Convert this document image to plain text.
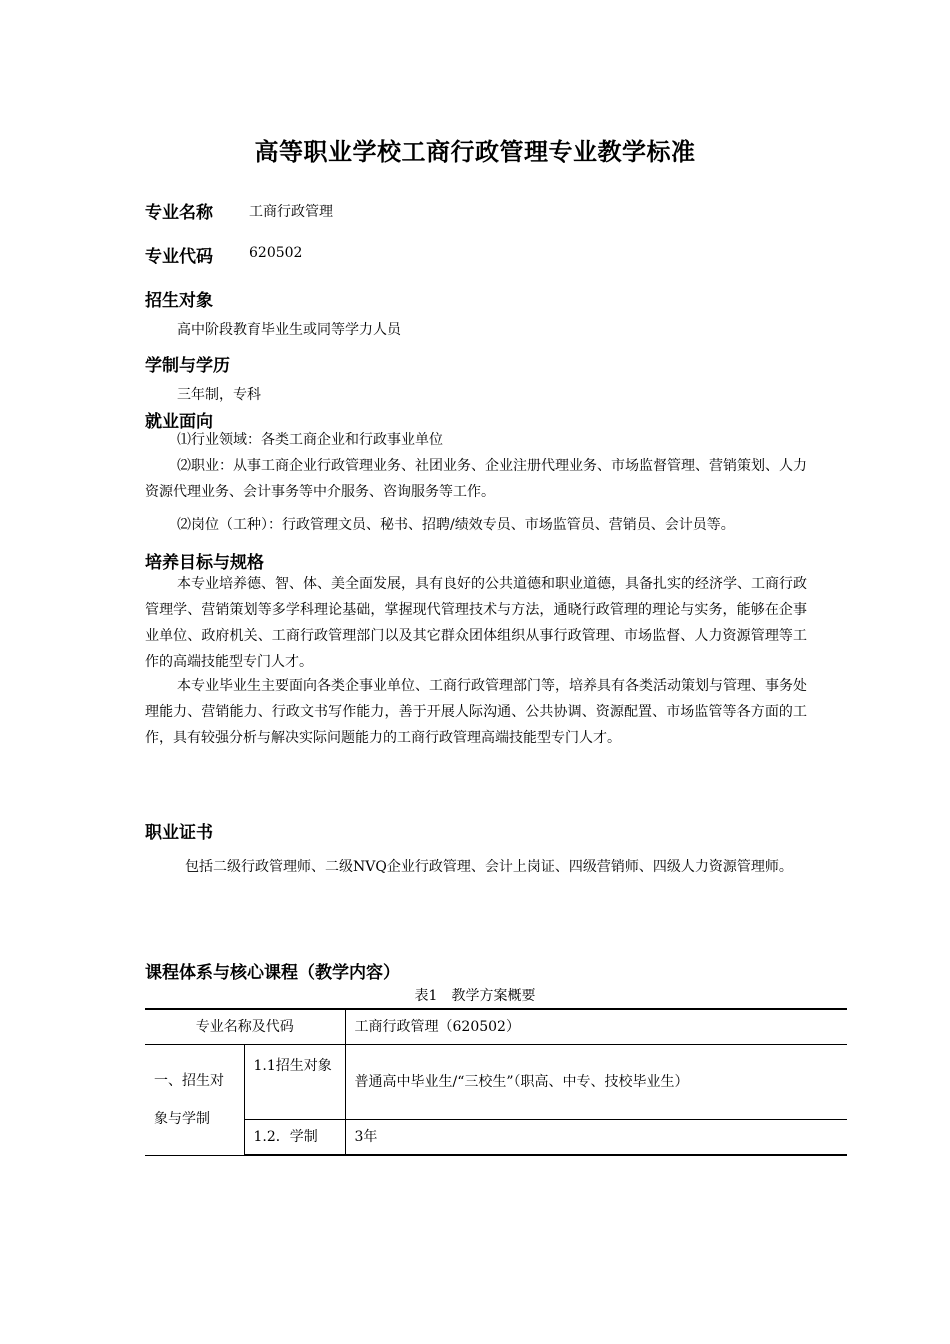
高等职业学校工商行政管理专业教学标准
专业名称	工商行政管理
专业代码	620502
招生对象
高中阶段教育毕业生或同等学力人员
学制与学历
三年制，专科
就业面向
⑴行业领域：各类工商企业和行政事业单位
⑵职业：从事工商企业行政管理业务、社团业务、企业注册代理业务、市场监督管理、营销策划、人力资源代理业务、会计事务等中介服务、咨询服务等工作。
⑵岗位（工种）：行政管理文员、秘书、招聘/绩效专员、市场监管员、营销员、会计员等。
培养目标与规格
本专业培养德、智、体、美全面发展，具有良好的公共道德和职业道德，具备扎实的经济学、工商行政管理学、营销策划等多学科理论基础，掌握现代管理技术与方法，通晓行政管理的理论与实务，能够在企事业单位、政府机关、工商行政管理部门以及其它群众团体组织从事行政管理、市场监督、人力资源管理等工作的高端技能型专门人才。
本专业毕业生主要面向各类企事业单位、工商行政管理部门等，培养具有各类活动策划与管理、事务处理能力、营销能力、行政文书写作能力，善于开展人际沟通、公共协调、资源配置、市场监管等各方面的工作，具有较强分析与解决实际问题能力的工商行政管理高端技能型专门人才。
职业证书
包括二级行政管理师、二级NVQ企业行政管理、会计上岗证、四级营销师、四级人力资源管理师。
课程体系与核心课程（教学内容）
表1　教学方案概要
专业名称及代码		工商行政管理（620502）
一、招生对象与学制	1.1招生对象	普通高中毕业生/“三校生”（职高、中专、技校毕业生）
	1.2．学制	3年
